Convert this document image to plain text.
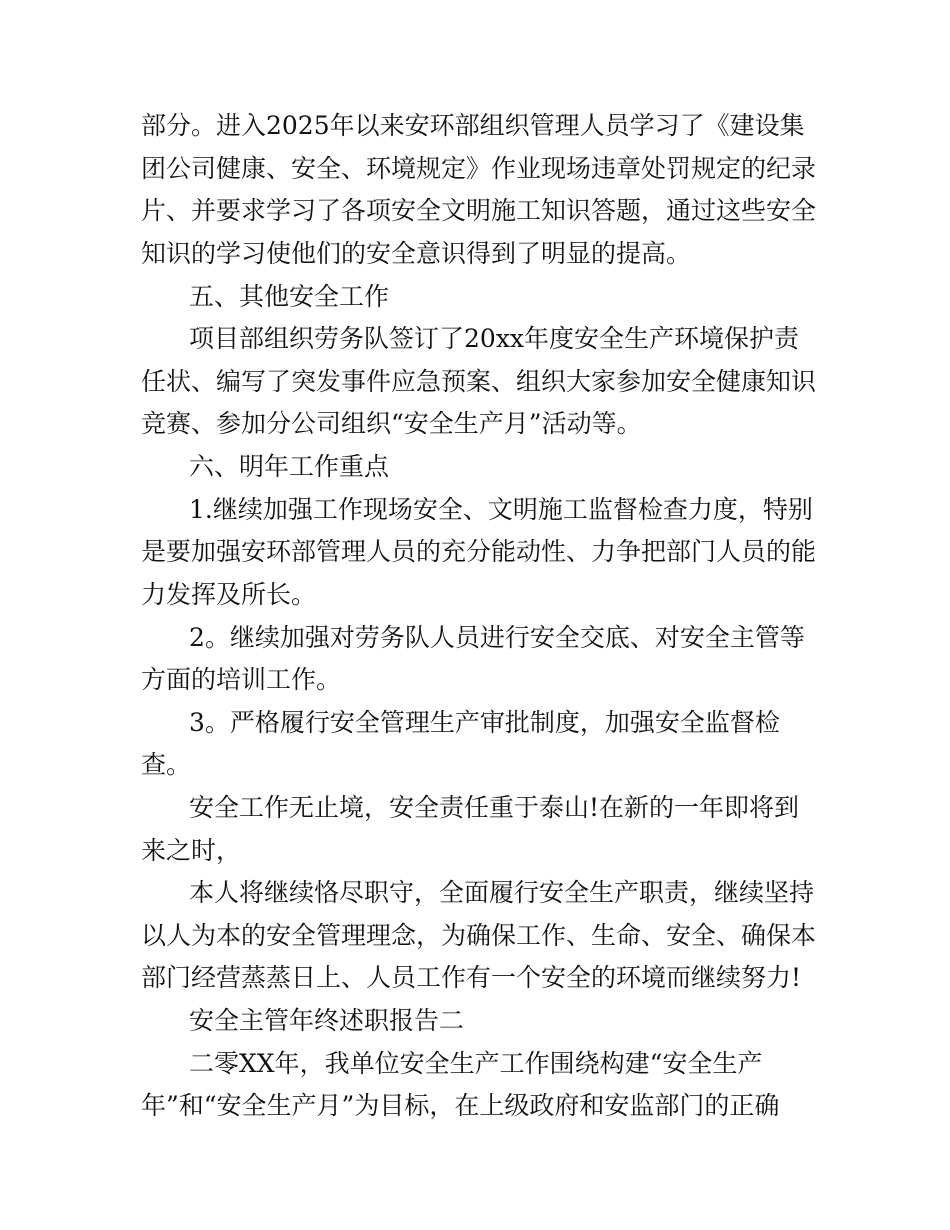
部分。进入2025年以来安环部组织管理人员学习了《建设集
团公司健康、安全、环境规定》作业现场违章处罚规定的纪录
片、并要求学习了各项安全文明施工知识答题，通过这些安全
知识的学习使他们的安全意识得到了明显的提高。
五、其他安全工作
项目部组织劳务队签订了20xx年度安全生产环境保护责
任状、编写了突发事件应急预案、组织大家参加安全健康知识
竞赛、参加分公司组织“安全生产月”活动等。
六、明年工作重点
1.继续加强工作现场安全、文明施工监督检查力度，特别
是要加强安环部管理人员的充分能动性、力争把部门人员的能
力发挥及所长。
2。继续加强对劳务队人员进行安全交底、对安全主管等
方面的培训工作。
3。严格履行安全管理生产审批制度，加强安全监督检
查。
安全工作无止境，安全责任重于泰山!在新的一年即将到
来之时，
本人将继续恪尽职守，全面履行安全生产职责，继续坚持
以人为本的安全管理理念，为确保工作、生命、安全、确保本
部门经营蒸蒸日上、人员工作有一个安全的环境而继续努力!
安全主管年终述职报告二
二零XX年，我单位安全生产工作围绕构建“安全生产
年”和“安全生产月”为目标，在上级政府和安监部门的正确
